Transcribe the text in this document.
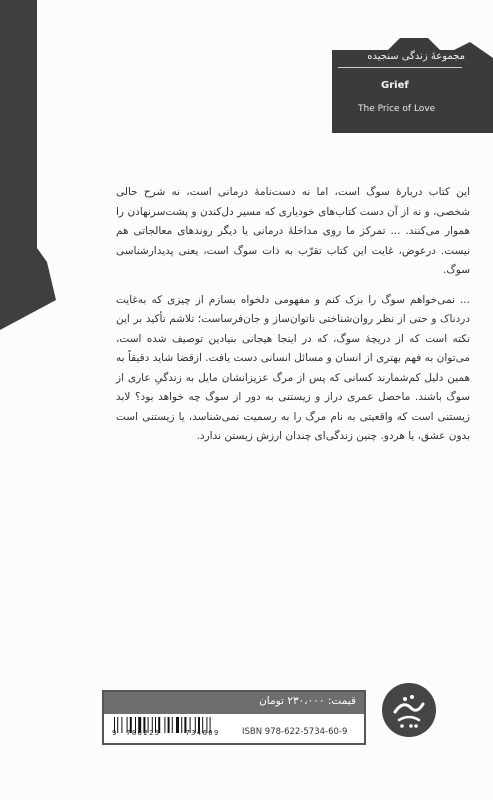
مجموعهٔ زندگی سنجیده
Grief
The Price of Love

این کتاب دربارهٔ سوگ است، اما نه دست‌نامهٔ درمانی است، نه شرح حالی شخصی، و نه از آن دست کتاب‌های خودیاری که مسیر دل‌کندن و پشت‌سرنهادن را هموار می‌کنند. ... تمرکز ما روی مداخلهٔ درمانی یا دیگر روندهای معالجاتی هم نیست. درعوض، غایت این کتاب تقرّب به ذات سوگ است، یعنی پدیدارشناسی سوگ.

... نمی‌خواهم سوگ را بزک کنم و مفهومی دلخواه بسازم از چیزی که به‌غایت دردناک و حتی از نظر روان‌شناختی ناتوان‌ساز و جان‌فرساست؛ تلاشم تأکید بر این نکته است که از دریچهٔ سوگ، که در اینجا هیجانی بنیادین توصیف شده است، می‌توان به فهم بهتری از انسان و مسائل انسانی دست یافت. ازقضا شاید دقیقاً به همین دلیل کم‌شمارند کسانی که پس از مرگ عزیزانشان مایل به زندگیِ عاری از سوگ باشند. ماحصل عمری دراز و زیستنی به دور از سوگ چه خواهد بود؟ لابد زیستنی است که واقعیتی به نام مرگ را به رسمیت نمی‌شناسد، یا زیستنی است بدون عشق، یا هردو. چنین زندگی‌ای چندان ارزش زیستن ندارد.

قیمت: ۲۳۰،۰۰۰ تومان
9 786225	734609	ISBN 978-622-5734-60-9
